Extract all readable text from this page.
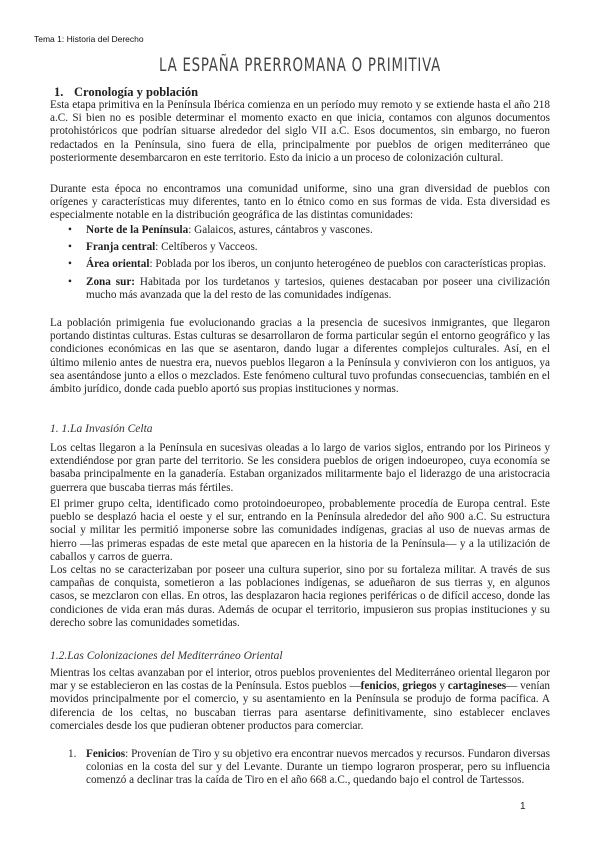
Tema 1: Historia del Derecho
LA ESPAÑA PRERROMANA O PRIMITIVA
1. Cronología y población
Esta etapa primitiva en la Península Ibérica comienza en un período muy remoto y se extiende hasta el año 218 a.C. Si bien no es posible determinar el momento exacto en que inicia, contamos con algunos documentos protohistóricos que podrían situarse alrededor del siglo VII a.C. Esos documentos, sin embargo, no fueron redactados en la Península, sino fuera de ella, principalmente por pueblos de origen mediterráneo que posteriormente desembarcaron en este territorio. Esto da inicio a un proceso de colonización cultural.
Durante esta época no encontramos una comunidad uniforme, sino una gran diversidad de pueblos con orígenes y características muy diferentes, tanto en lo étnico como en sus formas de vida. Esta diversidad es especialmente notable en la distribución geográfica de las distintas comunidades:
• Norte de la Península: Galaicos, astures, cántabros y vascones.
• Franja central: Celtíberos y Vacceos.
• Área oriental: Poblada por los iberos, un conjunto heterogéneo de pueblos con características propias.
• Zona sur: Habitada por los turdetanos y tartesios, quienes destacaban por poseer una civilización mucho más avanzada que la del resto de las comunidades indígenas.
La población primigenia fue evolucionando gracias a la presencia de sucesivos inmigrantes, que llegaron portando distintas culturas. Estas culturas se desarrollaron de forma particular según el entorno geográfico y las condiciones económicas en las que se asentaron, dando lugar a diferentes complejos culturales. Así, en el último milenio antes de nuestra era, nuevos pueblos llegaron a la Península y convivieron con los antiguos, ya sea asentándose junto a ellos o mezclados. Este fenómeno cultural tuvo profundas consecuencias, también en el ámbito jurídico, donde cada pueblo aportó sus propias instituciones y normas.
1. 1.La Invasión Celta
Los celtas llegaron a la Península en sucesivas oleadas a lo largo de varios siglos, entrando por los Pirineos y extendiéndose por gran parte del territorio. Se les considera pueblos de origen indoeuropeo, cuya economía se basaba principalmente en la ganadería. Estaban organizados militarmente bajo el liderazgo de una aristocracia guerrera que buscaba tierras más fértiles.
El primer grupo celta, identificado como protoindoeuropeo, probablemente procedía de Europa central. Este pueblo se desplazó hacia el oeste y el sur, entrando en la Península alrededor del año 900 a.C. Su estructura social y militar les permitió imponerse sobre las comunidades indígenas, gracias al uso de nuevas armas de hierro —las primeras espadas de este metal que aparecen en la historia de la Península— y a la utilización de caballos y carros de guerra.
Los celtas no se caracterizaban por poseer una cultura superior, sino por su fortaleza militar. A través de sus campañas de conquista, sometieron a las poblaciones indígenas, se adueñaron de sus tierras y, en algunos casos, se mezclaron con ellas. En otros, las desplazaron hacia regiones periféricas o de difícil acceso, donde las condiciones de vida eran más duras. Además de ocupar el territorio, impusieron sus propias instituciones y su derecho sobre las comunidades sometidas.
1.2.Las Colonizaciones del Mediterráneo Oriental
Mientras los celtas avanzaban por el interior, otros pueblos provenientes del Mediterráneo oriental llegaron por mar y se establecieron en las costas de la Península. Estos pueblos —fenicios, griegos y cartagineses— venían movidos principalmente por el comercio, y su asentamiento en la Península se produjo de forma pacífica. A diferencia de los celtas, no buscaban tierras para asentarse definitivamente, sino establecer enclaves comerciales desde los que pudieran obtener productos para comerciar.
1. Fenicios: Provenían de Tiro y su objetivo era encontrar nuevos mercados y recursos. Fundaron diversas colonias en la costa del sur y del Levante. Durante un tiempo lograron prosperar, pero su influencia comenzó a declinar tras la caída de Tiro en el año 668 a.C., quedando bajo el control de Tartessos.
1
